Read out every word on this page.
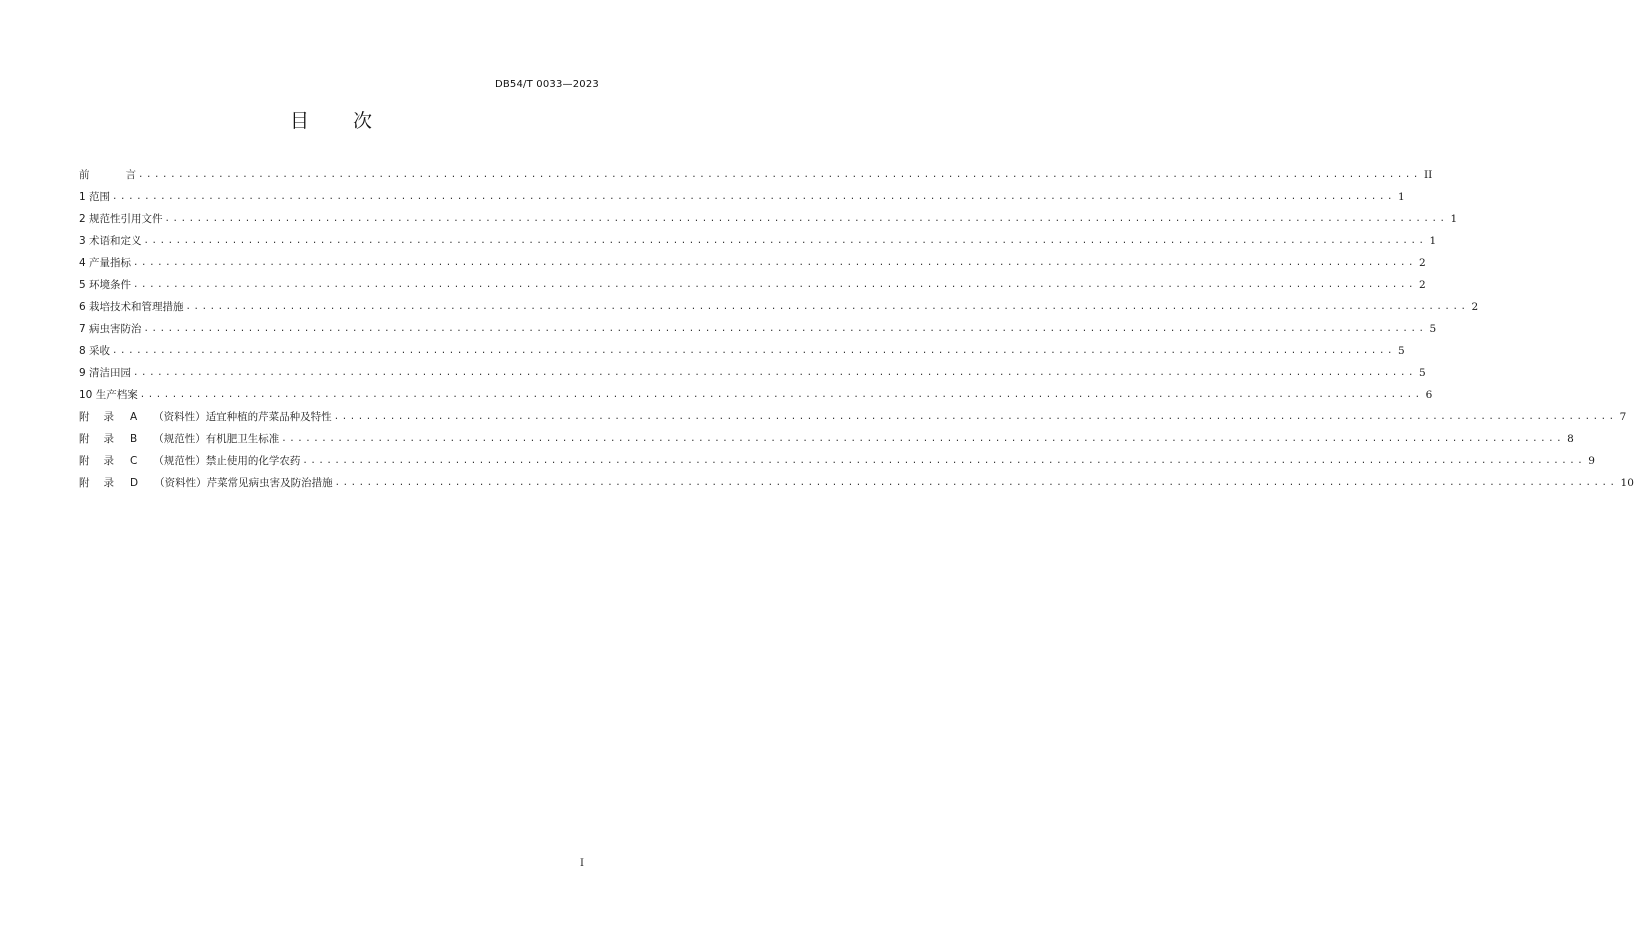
DB54/T 0033—2023
目 次
前	言 ................................................................................................................................................................ II
1 范围 ................................................................................................................................................................ 1
2 规范性引用文件 ................................................................................................................................................................ 1
3 术语和定义 ................................................................................................................................................................ 1
4 产量指标 ................................................................................................................................................................ 2
5 环境条件 ................................................................................................................................................................ 2
6 栽培技术和管理措施 ................................................................................................................................................................ 2
7 病虫害防治 ................................................................................................................................................................ 5
8 采收 ................................................................................................................................................................ 5
9 清洁田园 ................................................................................................................................................................ 5
10 生产档案 ................................................................................................................................................................ 6
附 录 A （资料性）适宜种植的芹菜品种及特性 ................................................................................................................................................................ 7
附 录 B （规范性）有机肥卫生标准 ................................................................................................................................................................ 8
附 录 C （规范性）禁止使用的化学农药 ................................................................................................................................................................ 9
附 录 D （资料性）芹菜常见病虫害及防治措施 ................................................................................................................................................................ 10
I
